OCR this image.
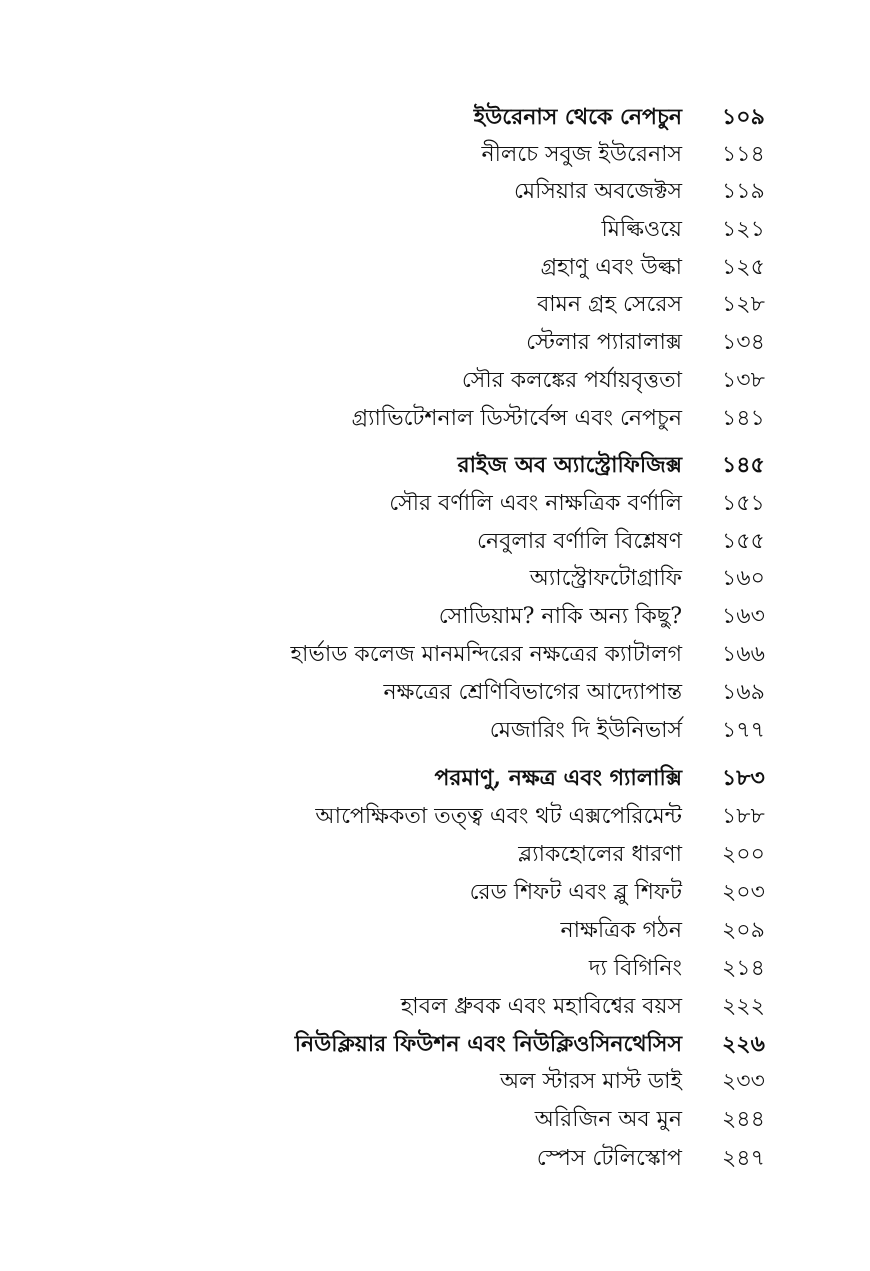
ইউরেনাস থেকে নেপচুন ১০৯
নীলচে সবুজ ইউরেনাস ১১৪
মেসিয়ার অবজেক্টস ১১৯
মিল্কিওয়ে ১২১
গ্রহাণু এবং উল্কা ১২৫
বামন গ্রহ সেরেস ১২৮
স্টেলার প্যারালাক্স ১৩৪
সৌর কলঙ্কের পর্যায়বৃত্ততা ১৩৮
গ্র্যাভিটেশনাল ডিস্টার্বেন্স এবং নেপচুন ১৪১
রাইজ অব অ্যাস্ট্রোফিজিক্স ১৪৫
সৌর বর্ণালি এবং নাক্ষত্রিক বর্ণালি ১৫১
নেবুলার বর্ণালি বিশ্লেষণ ১৫৫
অ্যাস্ট্রোফটোগ্রাফি ১৬০
সোডিয়াম? নাকি অন্য কিছু? ১৬৩
হার্ভাড কলেজ মানমন্দিরের নক্ষত্রের ক্যাটালগ ১৬৬
নক্ষত্রের শ্রেণিবিভাগের আদ্যোপান্ত ১৬৯
মেজারিং দি ইউনিভার্স ১৭৭
পরমাণু, নক্ষত্র এবং গ্যালাক্সি ১৮৩
আপেক্ষিকতা তত্ত্ব এবং থট এক্সপেরিমেন্ট ১৮৮
ব্ল্যাকহোলের ধারণা ২০০
রেড শিফট এবং ব্লু শিফট ২০৩
নাক্ষত্রিক গঠন ২০৯
দ্য বিগিনিং ২১৪
হাবল ধ্রুবক এবং মহাবিশ্বের বয়স ২২২
নিউক্লিয়ার ফিউশন এবং নিউক্লিওসিনথেসিস ২২৬
অল স্টারস মাস্ট ডাই ২৩৩
অরিজিন অব মুন ২৪৪
স্পেস টেলিস্কোপ ২৪৭
